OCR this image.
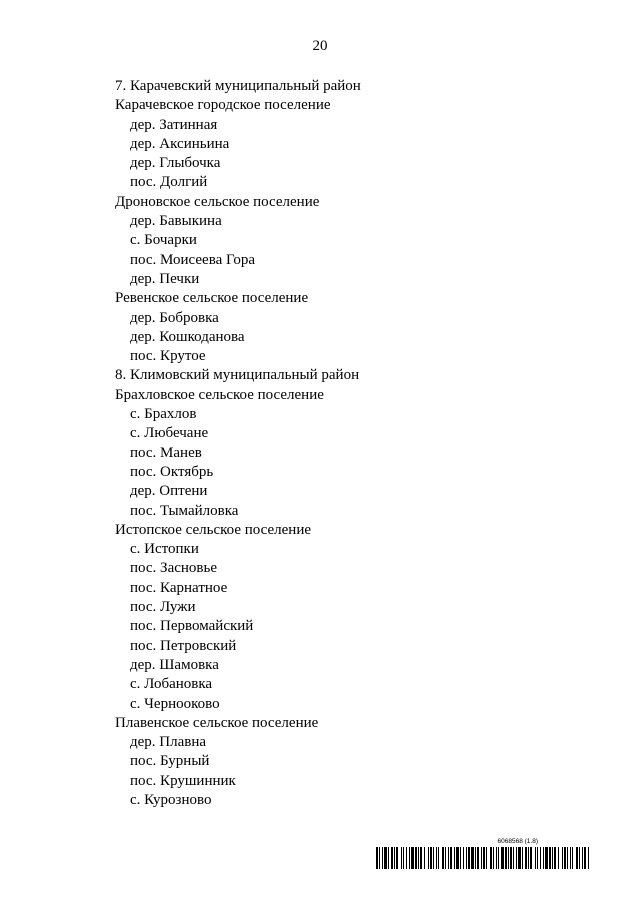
20
7. Карачевский муниципальный район
Карачевское городское поселение
дер. Затинная
дер. Аксиньина
дер. Глыбочка
пос. Долгий
Дроновское сельское поселение
дер. Бавыкина
с. Бочарки
пос. Моисеева Гора
дер. Печки
Ревенское сельское поселение
дер. Бобровка
дер. Кошкоданова
пос. Крутое
8. Климовский муниципальный район
Брахловское сельское поселение
с. Брахлов
с. Любечане
пос. Манев
пос. Октябрь
дер. Оптени
пос. Тымайловка
Истопское сельское поселение
с. Истопки
пос. Засновье
пос. Карнатное
пос. Лужи
пос. Первомайский
пос. Петровский
дер. Шамовка
с. Лобановка
с. Чернооково
Плавенское сельское поселение
дер. Плавна
пос. Бурный
пос. Крушинник
с. Курозново
6068568 (1.8)
